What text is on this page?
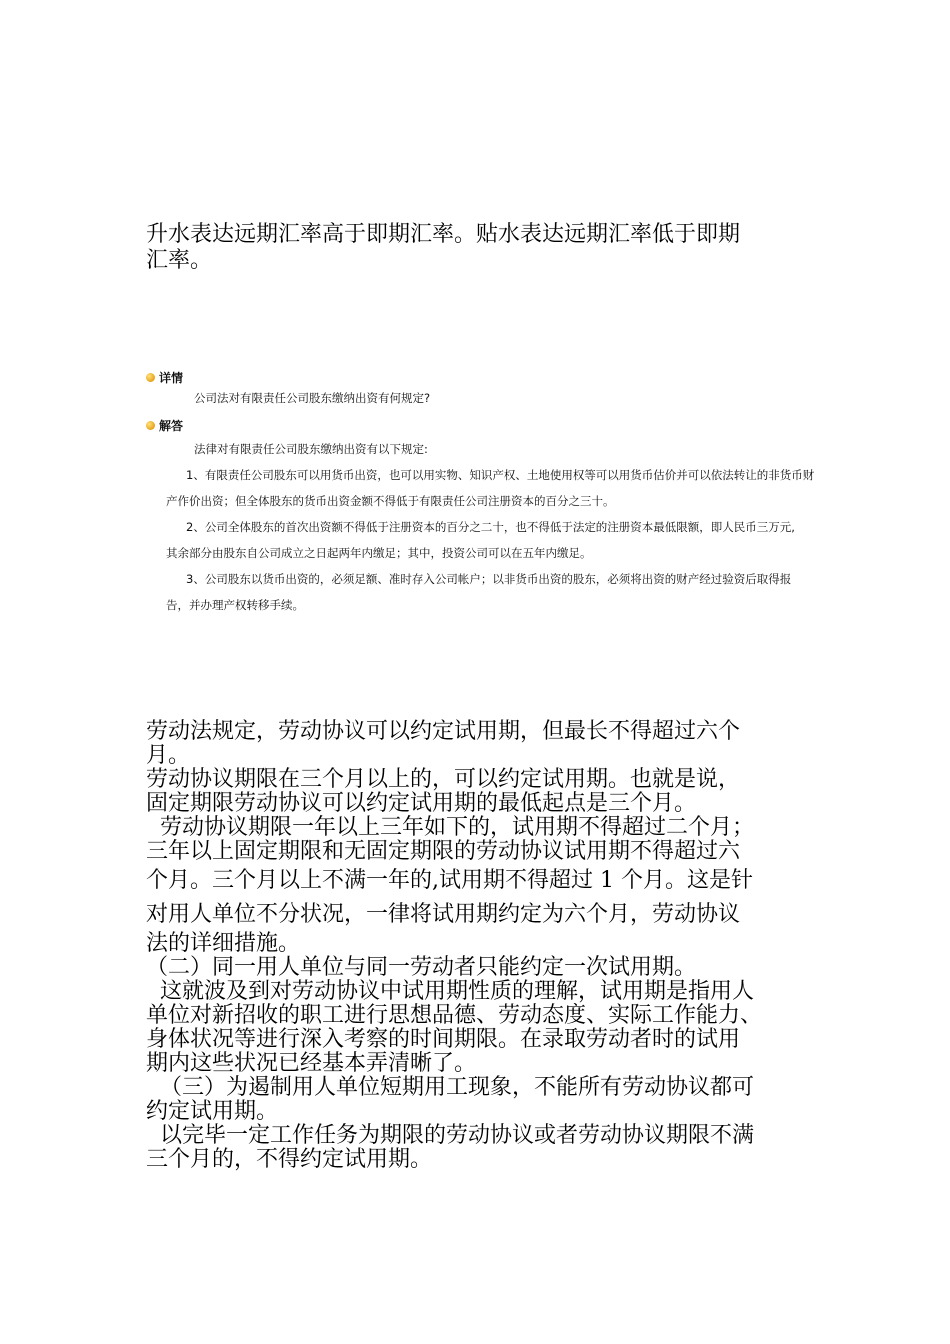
升水表达远期汇率高于即期汇率。贴水表达远期汇率低于即期

汇率。

详情
公司法对有限责任公司股东缴纳出资有何规定?
解答

法律对有限责任公司股东缴纳出资有以下规定:

1、有限责任公司股东可以用货币出资，也可以用实物、知识产权、土地使用权等可以用货币估价并可以依法转让的非货币财

产作价出资；但全体股东的货币出资金额不得低于有限责任公司注册资本的百分之三十。

2、公司全体股东的首次出资额不得低于注册资本的百分之二十，也不得低于法定的注册资本最低限额，即人民币三万元,

其余部分由股东自公司成立之日起两年内缴足；其中，投资公司可以在五年内缴足。

3、公司股东以货币出资的，必须足额、准时存入公司帐户；以非货币出资的股东，必须将出资的财产经过验资后取得报

告，并办理产权转移手续。

劳动法规定，劳动协议可以约定试用期，但最长不得超过六个

月。

劳动协议期限在三个月以上的，可以约定试用期。也就是说，

固定期限劳动协议可以约定试用期的最低起点是三个月。

劳动协议期限一年以上三年如下的，试用期不得超过二个月；

三年以上固定期限和无固定期限的劳动协议试用期不得超过六

个月。三个月以上不满一年的,试用期不得超过 1 个月。这是针

对用人单位不分状况，一律将试用期约定为六个月，劳动协议

法的详细措施。

（二）同一用人单位与同一劳动者只能约定一次试用期。

这就波及到对劳动协议中试用期性质的理解，试用期是指用人

单位对新招收的职工进行思想品德、劳动态度、实际工作能力、

身体状况等进行深入考察的时间期限。在录取劳动者时的试用

期内这些状况已经基本弄清晰了。

（三）为遏制用人单位短期用工现象，不能所有劳动协议都可

约定试用期。

以完毕一定工作任务为期限的劳动协议或者劳动协议期限不满

三个月的，不得约定试用期。
